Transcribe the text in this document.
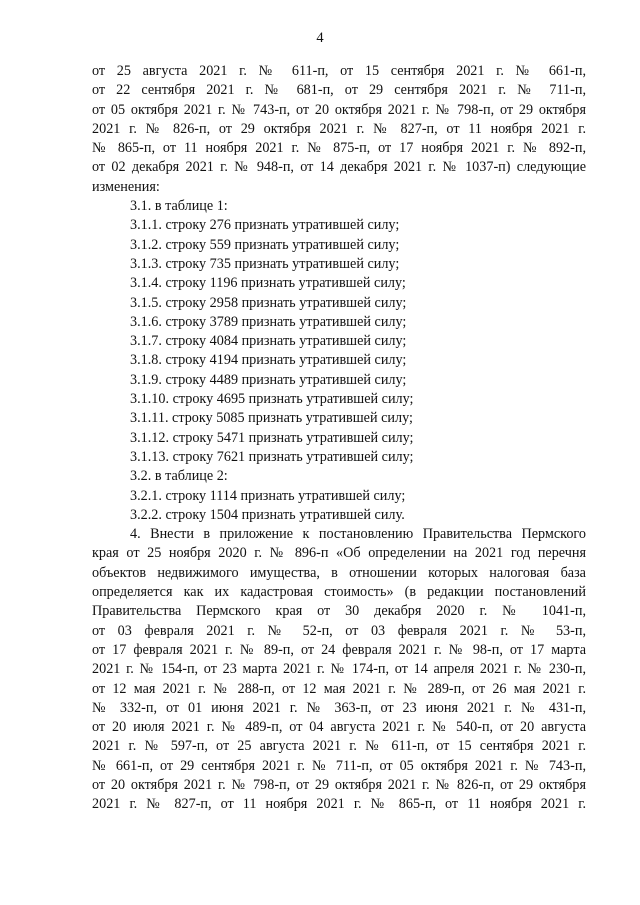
4
от 25 августа 2021 г. № 611-п, от 15 сентября 2021 г. № 661-п,
от 22 сентября 2021 г. № 681-п, от 29 сентября 2021 г. № 711-п,
от 05 октября 2021 г. № 743-п, от 20 октября 2021 г. № 798-п, от 29 октября
2021 г. № 826-п, от 29 октября 2021 г. № 827-п, от 11 ноября 2021 г.
№ 865-п, от 11 ноября 2021 г. № 875-п, от 17 ноября 2021 г. № 892-п,
от 02 декабря 2021 г. № 948-п, от 14 декабря 2021 г. № 1037-п) следующие
изменения:
3.1. в таблице 1:
3.1.1. строку 276 признать утратившей силу;
3.1.2. строку 559 признать утратившей силу;
3.1.3. строку 735 признать утратившей силу;
3.1.4. строку 1196 признать утратившей силу;
3.1.5. строку 2958 признать утратившей силу;
3.1.6. строку 3789 признать утратившей силу;
3.1.7. строку 4084 признать утратившей силу;
3.1.8. строку 4194 признать утратившей силу;
3.1.9. строку 4489 признать утратившей силу;
3.1.10. строку 4695 признать утратившей силу;
3.1.11. строку 5085 признать утратившей силу;
3.1.12. строку 5471 признать утратившей силу;
3.1.13. строку 7621 признать утратившей силу;
3.2. в таблице 2:
3.2.1. строку 1114 признать утратившей силу;
3.2.2. строку 1504 признать утратившей силу.
4. Внести в приложение к постановлению Правительства Пермского
края от 25 ноября 2020 г. № 896-п «Об определении на 2021 год перечня
объектов недвижимого имущества, в отношении которых налоговая база
определяется как их кадастровая стоимость» (в редакции постановлений
Правительства Пермского края от 30 декабря 2020 г. № 1041-п,
от 03 февраля 2021 г. № 52-п, от 03 февраля 2021 г. № 53-п,
от 17 февраля 2021 г. № 89-п, от 24 февраля 2021 г. № 98-п, от 17 марта
2021 г. № 154-п, от 23 марта 2021 г. № 174-п, от 14 апреля 2021 г. № 230-п,
от 12 мая 2021 г. № 288-п, от 12 мая 2021 г. № 289-п, от 26 мая 2021 г.
№ 332-п, от 01 июня 2021 г. № 363-п, от 23 июня 2021 г. № 431-п,
от 20 июля 2021 г. № 489-п, от 04 августа 2021 г. № 540-п, от 20 августа
2021 г. № 597-п, от 25 августа 2021 г. № 611-п, от 15 сентября 2021 г.
№ 661-п, от 29 сентября 2021 г. № 711-п, от 05 октября 2021 г. № 743-п,
от 20 октября 2021 г. № 798-п, от 29 октября 2021 г. № 826-п, от 29 октября
2021 г. № 827-п, от 11 ноября 2021 г. № 865-п, от 11 ноября 2021 г.
